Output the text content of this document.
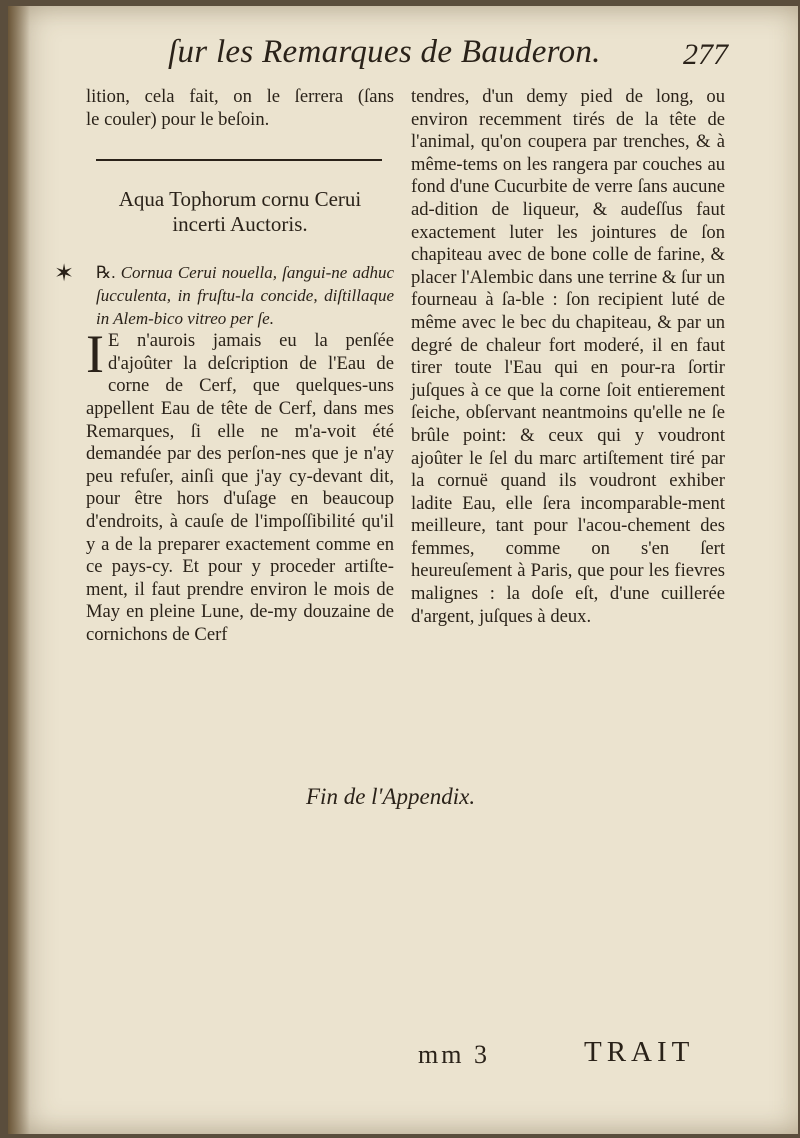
ſur les Remarques de Bauderon.	277

lition, cela fait, on le ſerrera (ſans

le couler) pour le beſoin.

Aqua Tophorum cornu Cerui
incerti Auctoris.
✶ ℞. Cornua Cerui nouella, ſangui-ne adhuc ſucculenta, in fruſtu-la concide, diſtillaque in Alem-bico vitreo per ſe.

I E n'aurois jamais eu la penſée d'ajoûter la deſcription de l'Eau de corne de Cerf, que quelques-uns appellent Eau de tête de Cerf, dans mes Remarques, ſi elle ne m'a-voit été demandée par des perſon-nes que je n'ay peu refuſer, ainſi que j'ay cy-devant dit, pour être hors d'uſage en beaucoup d'endroits, à cauſe de l'impoſſibilité qu'il y a de la preparer exactement comme en ce pays-cy. Et pour y proceder artiſte-ment, il faut prendre environ le mois de May en pleine Lune, de-my douzaine de cornichons de Cerf

tendres, d'un demy pied de long, ou environ recemment tirés de la tête de l'animal, qu'on coupera par trenches, & à même-tems on les rangera par couches au fond d'une Cucurbite de verre ſans aucune ad-dition de liqueur, & audeſſus faut exactement luter les jointures de ſon chapiteau avec de bone colle de farine, & placer l'Alembic dans une terrine & ſur un fourneau à ſa-ble : ſon recipient luté de même avec le bec du chapiteau, & par un degré de chaleur fort moderé, il en faut tirer toute l'Eau qui en pour-ra ſortir juſques à ce que la corne ſoit entierement ſeiche, obſervant neantmoins qu'elle ne ſe brûle point: & ceux qui y voudront ajoûter le ſel du marc artiſtement tiré par la cornuë quand ils voudront exhiber ladite Eau, elle ſera incomparable-ment meilleure, tant pour l'acou-chement des femmes, comme on s'en ſert heureuſement à Paris, que pour les fievres malignes : la doſe eſt, d'une cuillerée d'argent, juſques à deux.

Fin de l'Appendix.
mm 3	TRAIT
